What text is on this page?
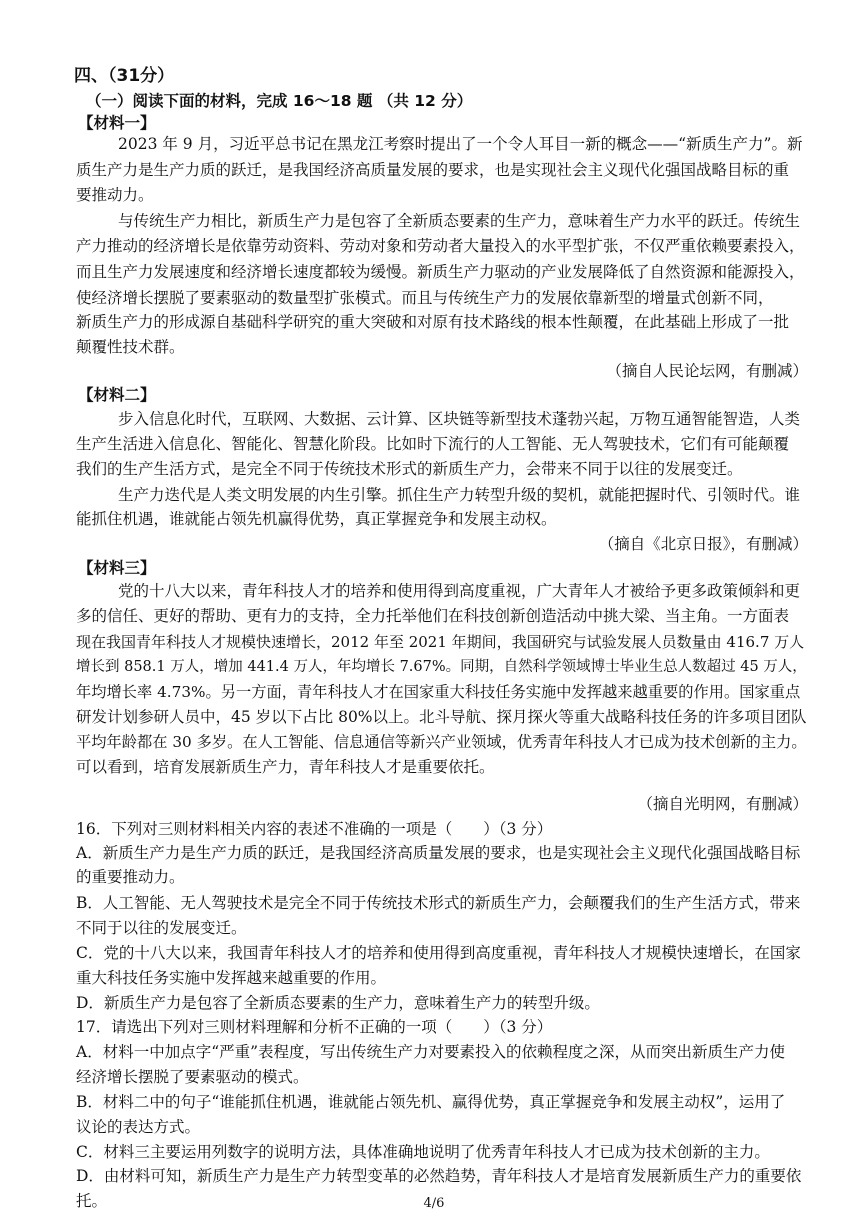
四、（31分）
（一）阅读下面的材料，完成 16～18 题 （共 12 分）
【材料一】
2023 年 9 月，习近平总书记在黑龙江考察时提出了一个令人耳目一新的概念——“新质生产力”。新
质生产力是生产力质的跃迁，是我国经济高质量发展的要求，也是实现社会主义现代化强国战略目标的重
要推动力。
与传统生产力相比，新质生产力是包容了全新质态要素的生产力，意味着生产力水平的跃迁。传统生
产力推动的经济增长是依靠劳动资料、劳动对象和劳动者大量投入的水平型扩张，不仅严重依赖要素投入，
而且生产力发展速度和经济增长速度都较为缓慢。新质生产力驱动的产业发展降低了自然资源和能源投入，
使经济增长摆脱了要素驱动的数量型扩张模式。而且与传统生产力的发展依靠新型的增量式创新不同，
新质生产力的形成源自基础科学研究的重大突破和对原有技术路线的根本性颠覆，在此基础上形成了一批
颠覆性技术群。
（摘自人民论坛网，有删减）
【材料二】
步入信息化时代，互联网、大数据、云计算、区块链等新型技术蓬勃兴起，万物互通智能智造，人类
生产生活进入信息化、智能化、智慧化阶段。比如时下流行的人工智能、无人驾驶技术，它们有可能颠覆
我们的生产生活方式，是完全不同于传统技术形式的新质生产力，会带来不同于以往的发展变迁。
生产力迭代是人类文明发展的内生引擎。抓住生产力转型升级的契机，就能把握时代、引领时代。谁
能抓住机遇，谁就能占领先机赢得优势，真正掌握竞争和发展主动权。
（摘自《北京日报》，有删减）
【材料三】
党的十八大以来，青年科技人才的培养和使用得到高度重视，广大青年人才被给予更多政策倾斜和更
多的信任、更好的帮助、更有力的支持，全力托举他们在科技创新创造活动中挑大梁、当主角。一方面表
现在我国青年科技人才规模快速增长，2012 年至 2021 年期间，我国研究与试验发展人员数量由 416.7 万人
增长到 858.1 万人，增加 441.4 万人，年均增长 7.67%。同期，自然科学领域博士毕业生总人数超过 45 万人，
年均增长率 4.73%。另一方面，青年科技人才在国家重大科技任务实施中发挥越来越重要的作用。国家重点
研发计划参研人员中，45 岁以下占比 80%以上。北斗导航、探月探火等重大战略科技任务的许多项目团队
平均年龄都在 30 多岁。在人工智能、信息通信等新兴产业领域，优秀青年科技人才已成为技术创新的主力。
可以看到，培育发展新质生产力，青年科技人才是重要依托。
（摘自光明网，有删减）
16．下列对三则材料相关内容的表述不准确的一项是（　　）（3 分）
A．新质生产力是生产力质的跃迁，是我国经济高质量发展的要求，也是实现社会主义现代化强国战略目标
的重要推动力。
B．人工智能、无人驾驶技术是完全不同于传统技术形式的新质生产力，会颠覆我们的生产生活方式，带来
不同于以往的发展变迁。
C．党的十八大以来，我国青年科技人才的培养和使用得到高度重视，青年科技人才规模快速增长，在国家
重大科技任务实施中发挥越来越重要的作用。
D．新质生产力是包容了全新质态要素的生产力，意味着生产力的转型升级。
17．请选出下列对三则材料理解和分析不正确的一项（　　）（3 分）
A．材料一中加点字“严重”表程度，写出传统生产力对要素投入的依赖程度之深，从而突出新质生产力使
经济增长摆脱了要素驱动的模式。
B．材料二中的句子“谁能抓住机遇，谁就能占领先机、赢得优势，真正掌握竞争和发展主动权”，运用了
议论的表达方式。
C．材料三主要运用列数字的说明方法，具体准确地说明了优秀青年科技人才已成为技术创新的主力。
D．由材料可知，新质生产力是生产力转型变革的必然趋势，青年科技人才是培育发展新质生产力的重要依
托。	4/6
